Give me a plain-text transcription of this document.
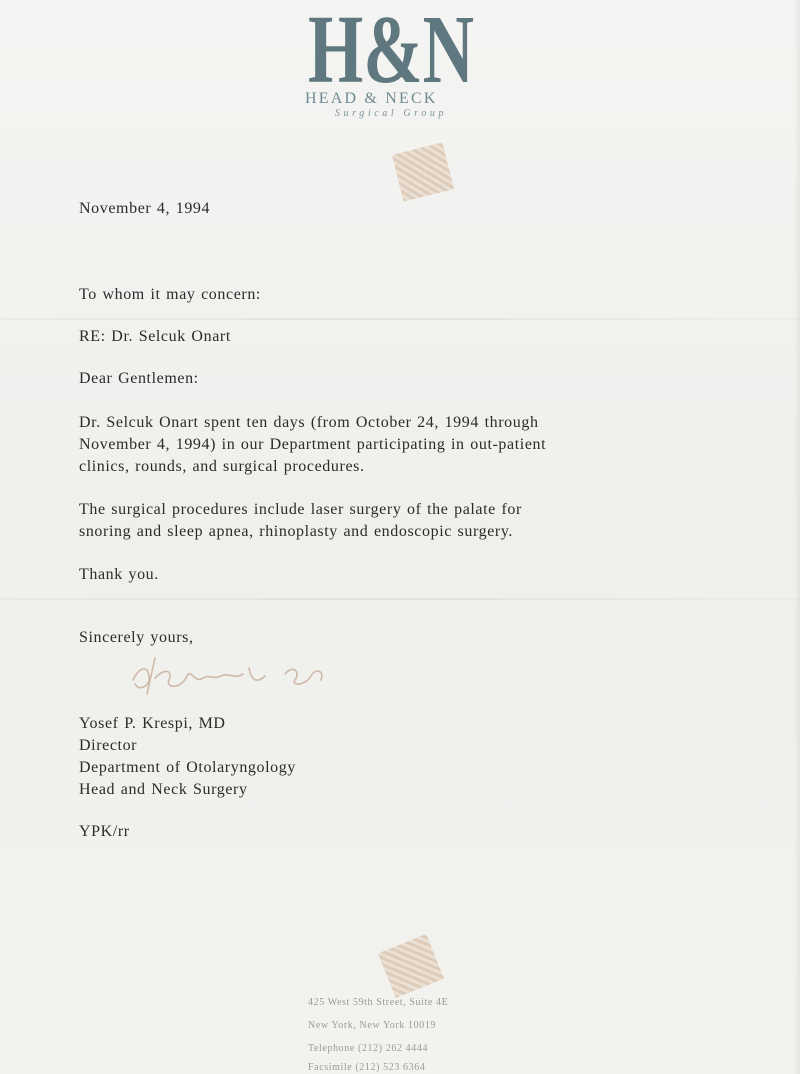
H&N
HEAD & NECK
Surgical Group
November 4, 1994
To whom it may concern:
RE: Dr. Selcuk Onart
Dear Gentlemen:
Dr. Selcuk Onart spent ten days (from October 24, 1994 through
November 4, 1994) in our Department participating in out-patient
clinics, rounds, and surgical procedures.
The surgical procedures include laser surgery of the palate for
snoring and sleep apnea, rhinoplasty and endoscopic surgery.
Thank you.
Sincerely yours,
Yosef P. Krespi, MD
Director
Department of Otolaryngology
Head and Neck Surgery
YPK/rr
425 West 59th Street, Suite 4E
New York, New York 10019
Telephone (212) 262 4444
Facsimile (212) 523 6364
